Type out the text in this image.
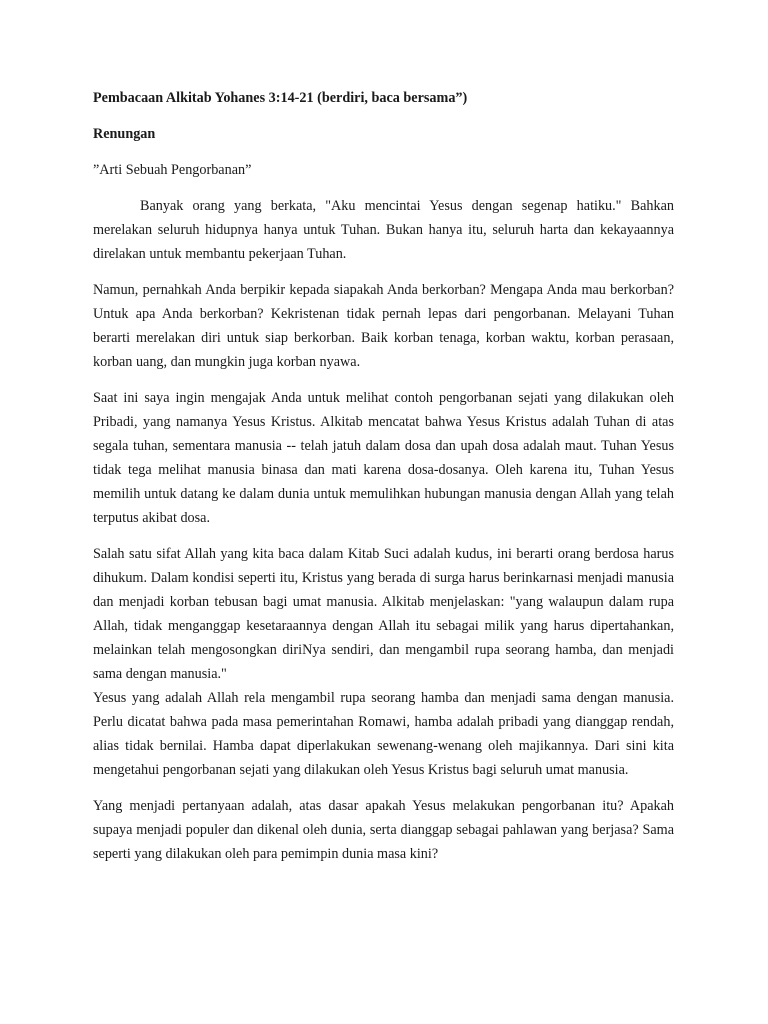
Pembacaan Alkitab Yohanes 3:14-21 (berdiri, baca bersama”)
Renungan
”Arti Sebuah Pengorbanan”

Banyak orang yang berkata, "Aku mencintai Yesus dengan segenap hatiku." Bahkan merelakan seluruh hidupnya hanya untuk Tuhan. Bukan hanya itu, seluruh harta dan kekayaannya direlakan untuk membantu pekerjaan Tuhan.

Namun, pernahkah Anda berpikir kepada siapakah Anda berkorban? Mengapa Anda mau berkorban? Untuk apa Anda berkorban? Kekristenan tidak pernah lepas dari pengorbanan. Melayani Tuhan berarti merelakan diri untuk siap berkorban. Baik korban tenaga, korban waktu, korban perasaan, korban uang, dan mungkin juga korban nyawa.

Saat ini saya ingin mengajak Anda untuk melihat contoh pengorbanan sejati yang dilakukan oleh Pribadi, yang namanya Yesus Kristus. Alkitab mencatat bahwa Yesus Kristus adalah Tuhan di atas segala tuhan, sementara manusia -- telah jatuh dalam dosa dan upah dosa adalah maut. Tuhan Yesus tidak tega melihat manusia binasa dan mati karena dosa-dosanya. Oleh karena itu, Tuhan Yesus memilih untuk datang ke dalam dunia untuk memulihkan hubungan manusia dengan Allah yang telah terputus akibat dosa.

Salah satu sifat Allah yang kita baca dalam Kitab Suci adalah kudus, ini berarti orang berdosa harus dihukum. Dalam kondisi seperti itu, Kristus yang berada di surga harus berinkarnasi menjadi manusia dan menjadi korban tebusan bagi umat manusia. Alkitab menjelaskan: "yang walaupun dalam rupa Allah, tidak menganggap kesetaraannya dengan Allah itu sebagai milik yang harus dipertahankan, melainkan telah mengosongkan diriNya sendiri, dan mengambil rupa seorang hamba, dan menjadi sama dengan manusia."

Yesus yang adalah Allah rela mengambil rupa seorang hamba dan menjadi sama dengan manusia. Perlu dicatat bahwa pada masa pemerintahan Romawi, hamba adalah pribadi yang dianggap rendah, alias tidak bernilai. Hamba dapat diperlakukan sewenang-wenang oleh majikannya. Dari sini kita mengetahui pengorbanan sejati yang dilakukan oleh Yesus Kristus bagi seluruh umat manusia.

Yang menjadi pertanyaan adalah, atas dasar apakah Yesus melakukan pengorbanan itu? Apakah supaya menjadi populer dan dikenal oleh dunia, serta dianggap sebagai pahlawan yang berjasa? Sama seperti yang dilakukan oleh para pemimpin dunia masa kini?
